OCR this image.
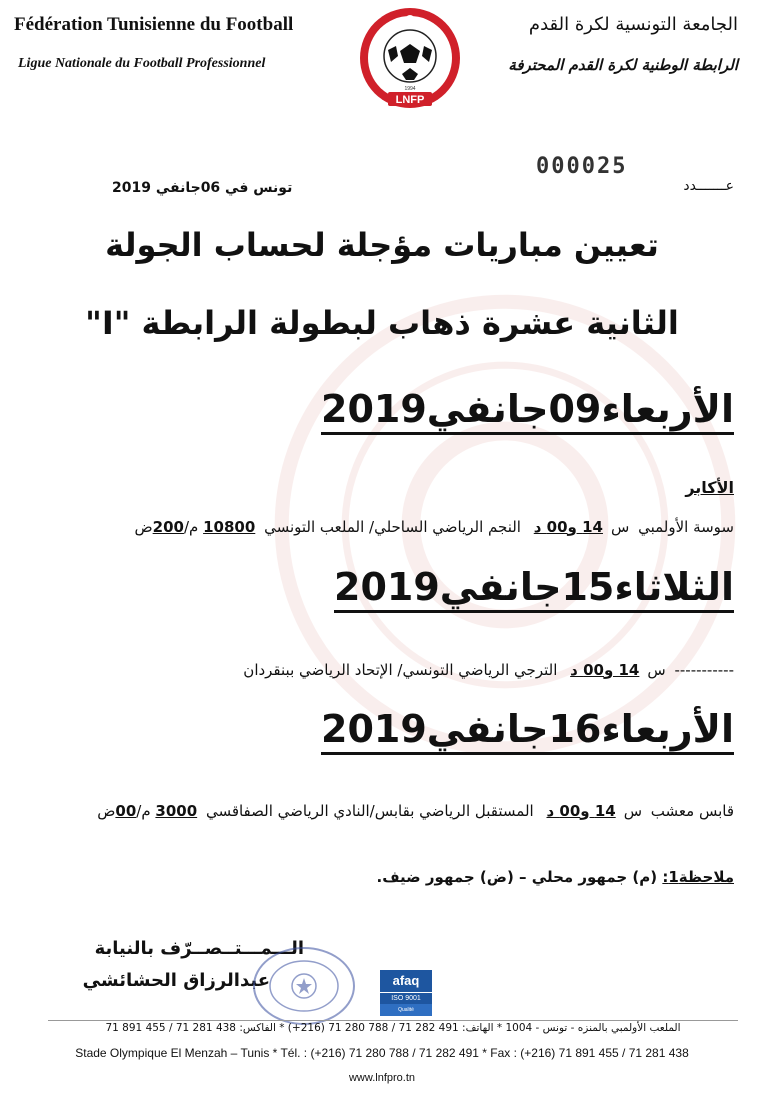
Fédération Tunisienne du Football
Ligue Nationale du Football Professionnel
LNFP
1994
الجامعة التونسية لكرة القدم
الرابطة الوطنية لكرة القدم المحترفة
000025
تونس في 06جانفي 2019	عـــــــدد
تعيين مباريات مؤجلة لحساب الجولة
الثانية عشرة ذهاب لبطولة الرابطة "I"
الأربعاء09جانفي2019
الأكابر
سوسة الأولمبي س14 و00 د النجم الرياضي الساحلي/ الملعب التونسي 10800 م/200ض
الثلاثاء15جانفي2019
----------- س14 و00 د الترجي الرياضي التونسي/ الإتحاد الرياضي ببنقردان
الأربعاء16جانفي2019
قابس معشب س14 و00 د المستقبل الرياضي بقابس/النادي الرياضي الصفاقسي 3000 م/00ض
ملاحظة1: (م) جمهور محلي – (ض) جمهور ضيف.
الـــمـــتــصــرّف بالنيابة
عبدالرزاق الحشائشي	afaq
ISO 9001
Qualité
الملعب الأولمبي بالمنزه - تونس - 1004 * الهاتف: 491 282 71 / 788 280 71 (216+) * الفاكس: 438 281 71 / 455 891 71
Stade Olympique El Menzah – Tunis * Tél. : (+216) 71 280 788 / 71 282 491 * Fax : (+216) 71 891 455 / 71 281 438
www.lnfpro.tn
